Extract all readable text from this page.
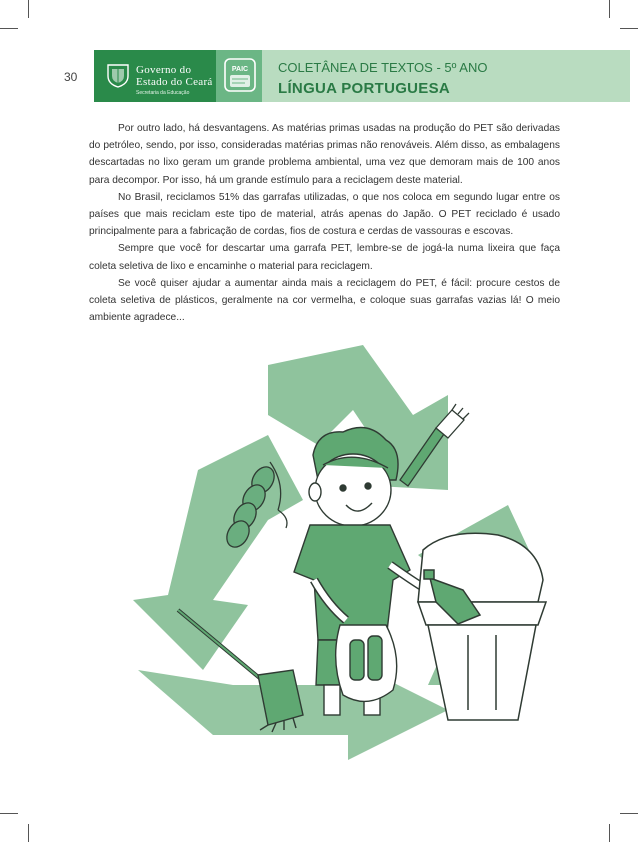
30	Governo do
Estado do Ceará
Secretaria da Educação
PAIC COLETÂNEA DE TEXTOS - 5º ANO
LÍNGUA PORTUGUESA

Por outro lado, há desvantagens. As matérias primas usadas na produção do PET são derivadas do petróleo, sendo, por isso, consideradas matérias primas não renováveis. Além disso, as embalagens descartadas no lixo geram um grande problema ambiental, uma vez que demoram mais de 100 anos para decompor. Por isso, há um grande estímulo para a reciclagem deste material.

No Brasil, reciclamos 51% das garrafas utilizadas, o que nos coloca em segundo lugar entre os países que mais reciclam este tipo de material, atrás apenas do Japão. O PET reciclado é usado principalmente para a fabricação de cordas, fios de costura e cerdas de vassouras e escovas.

Sempre que você for descartar uma garrafa PET, lembre-se de jogá-la numa lixeira que faça coleta seletiva de lixo e encaminhe o material para reciclagem.

Se você quiser ajudar a aumentar ainda mais a reciclagem do PET, é fácil: procure cestos de coleta seletiva de plásticos, geralmente na cor vermelha, e coloque suas garrafas vazias lá! O meio ambiente agradece...
